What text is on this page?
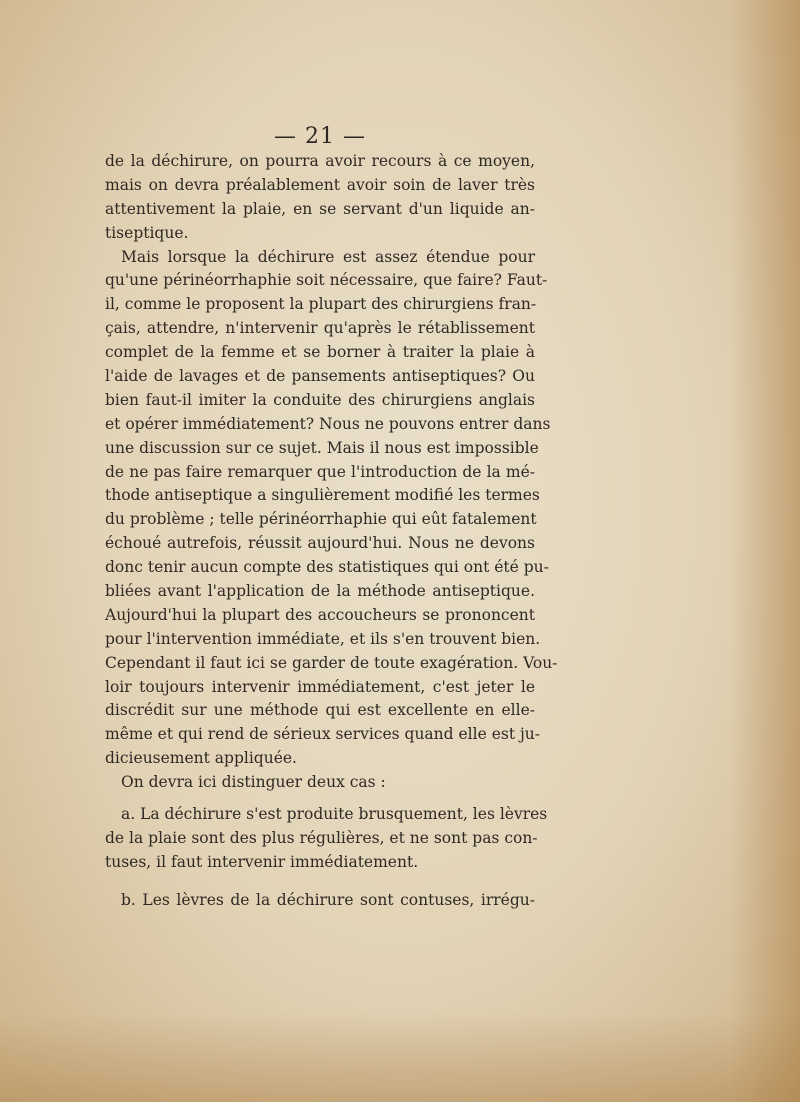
— 21 —
de la déchirure, on pourra avoir recours à ce moyen,
mais on devra préalablement avoir soin de laver très
attentivement la plaie, en se servant d'un liquide an-
tiseptique.
Mais lorsque la déchirure est assez étendue pour
qu'une périnéorrhaphie soit nécessaire, que faire? Faut-
il, comme le proposent la plupart des chirurgiens fran-
çais, attendre, n'intervenir qu'après le rétablissement
complet de la femme et se borner à traiter la plaie à
l'aide de lavages et de pansements antiseptiques? Ou
bien faut-il imiter la conduite des chirurgiens anglais
et opérer immédiatement? Nous ne pouvons entrer dans
une discussion sur ce sujet. Mais il nous est impossible
de ne pas faire remarquer que l'introduction de la mé-
thode antiseptique a singulièrement modifié les termes
du problème ; telle périnéorrhaphie qui eût fatalement
échoué autrefois, réussit aujourd'hui. Nous ne devons
donc tenir aucun compte des statistiques qui ont été pu-
bliées avant l'application de la méthode antiseptique.
Aujourd'hui la plupart des accoucheurs se prononcent
pour l'intervention immédiate, et ils s'en trouvent bien.
Cependant il faut ici se garder de toute exagération. Vou-
loir toujours intervenir immédiatement, c'est jeter le
discrédit sur une méthode qui est excellente en elle-
même et qui rend de sérieux services quand elle est ju-
dicieusement appliquée.
On devra ici distinguer deux cas :
a. La déchirure s'est produite brusquement, les lèvres
de la plaie sont des plus régulières, et ne sont pas con-
tuses, il faut intervenir immédiatement.
b. Les lèvres de la déchirure sont contuses, irrégu-
